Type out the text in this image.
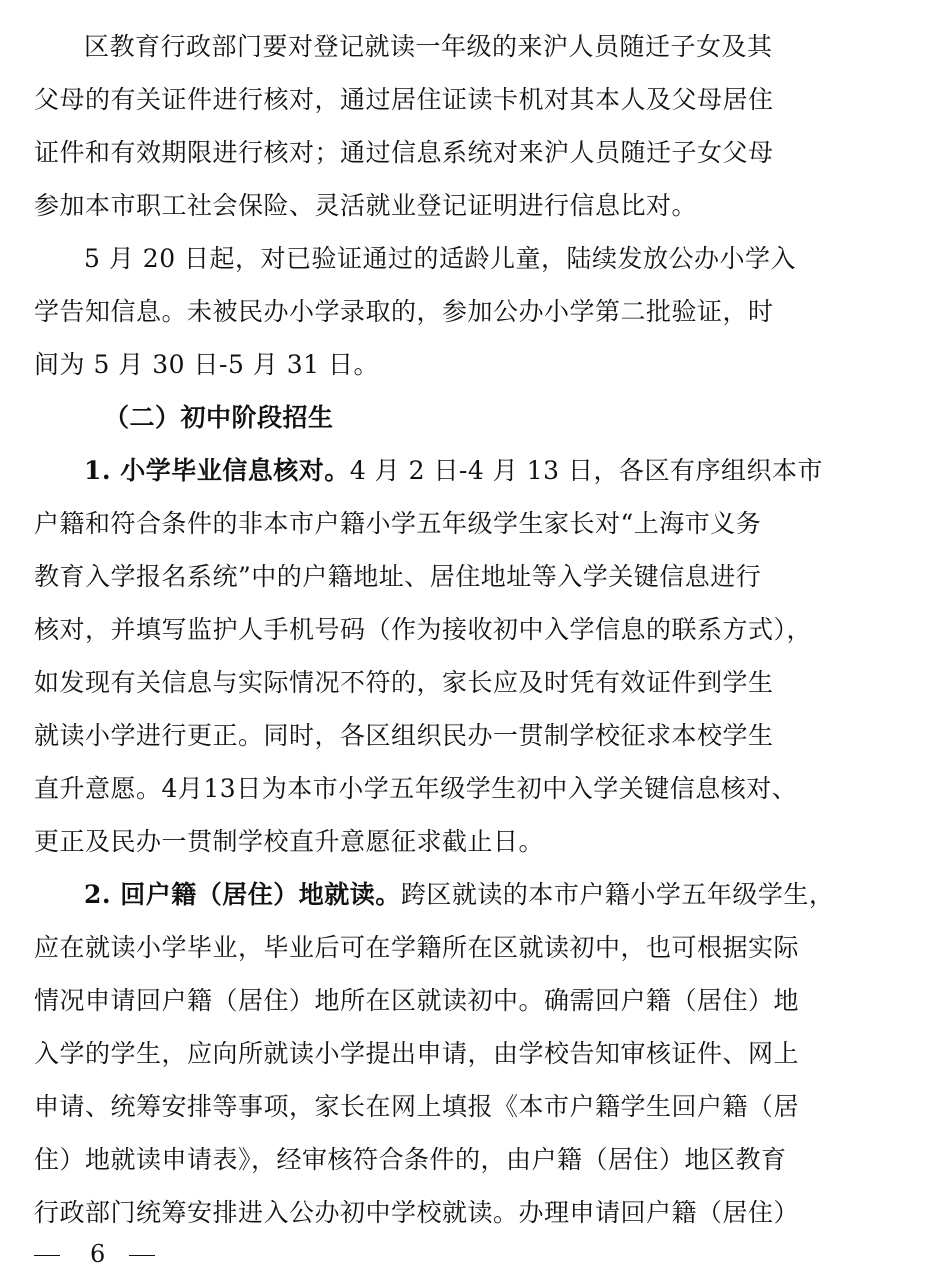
区教育行政部门要对登记就读一年级的来沪人员随迁子女及其
父母的有关证件进行核对，通过居住证读卡机对其本人及父母居住
证件和有效期限进行核对；通过信息系统对来沪人员随迁子女父母
参加本市职工社会保险、灵活就业登记证明进行信息比对。
5 月 20 日起，对已验证通过的适龄儿童，陆续发放公办小学入
学告知信息。未被民办小学录取的，参加公办小学第二批验证，时
间为 5 月 30 日-5 月 31 日。
（二）初中阶段招生
1. 小学毕业信息核对。4 月 2 日-4 月 13 日，各区有序组织本市
户籍和符合条件的非本市户籍小学五年级学生家长对“上海市义务
教育入学报名系统”中的户籍地址、居住地址等入学关键信息进行
核对，并填写监护人手机号码（作为接收初中入学信息的联系方式），
如发现有关信息与实际情况不符的，家长应及时凭有效证件到学生
就读小学进行更正。同时，各区组织民办一贯制学校征求本校学生
直升意愿。4月13日为本市小学五年级学生初中入学关键信息核对、
更正及民办一贯制学校直升意愿征求截止日。
2. 回户籍（居住）地就读。跨区就读的本市户籍小学五年级学生，
应在就读小学毕业，毕业后可在学籍所在区就读初中，也可根据实际
情况申请回户籍（居住）地所在区就读初中。确需回户籍（居住）地
入学的学生，应向所就读小学提出申请，由学校告知审核证件、网上
申请、统筹安排等事项，家长在网上填报《本市户籍学生回户籍（居
住）地就读申请表》，经审核符合条件的，由户籍（居住）地区教育
行政部门统筹安排进入公办初中学校就读。办理申请回户籍（居住）
6
